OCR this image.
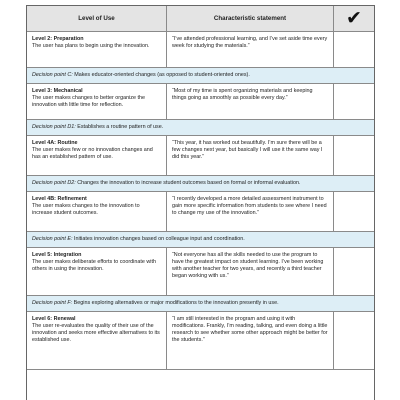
Level of Use	Characteristic statement	✔
Level 2: Preparation
The user has plans to begin using the innovation.
“I’ve attended professional learning, and I’ve set aside time every week for studying the materials.”
Decision point C: Makes educator-oriented changes (as opposed to student-oriented ones).
Level 3: Mechanical
The user makes changes to better organize the innovation with little time for reflection.
“Most of my time is spent organizing materials and keeping things going as smoothly as possible every day.”
Decision point D1: Establishes a routine pattern of use.
Level 4A: Routine
The user makes few or no innovation changes and has an established pattern of use.
“This year, it has worked out beautifully. I’m sure there will be a few changes next year, but basically I will use it the same way I did this year.”
Decision point D2: Changes the innovation to increase student outcomes based on formal or informal evaluation.
Level 4B: Refinement
The user makes changes to the innovation to increase student outcomes.
“I recently developed a more detailed assessment instrument to gain more specific information from students to see where I need to change my use of the innovation.”
Decision point E: Initiates innovation changes based on colleague input and coordination.
Level 5: Integration
The user makes deliberate efforts to coordinate with others in using the innovation.
“Not everyone has all the skills needed to use the program to have the greatest impact on student learning. I’ve been working with another teacher for two years, and recently a third teacher began working with us.”
Decision point F: Begins exploring alternatives or major modifications to the innovation presently in use.
Level 6: Renewal
The user re-evaluates the quality of their use of the innovation and seeks more effective alternatives to its established use.
“I am still interested in the program and using it with modifications. Frankly, I’m reading, talking, and even doing a little research to see whether some other approach might be better for the students.”
